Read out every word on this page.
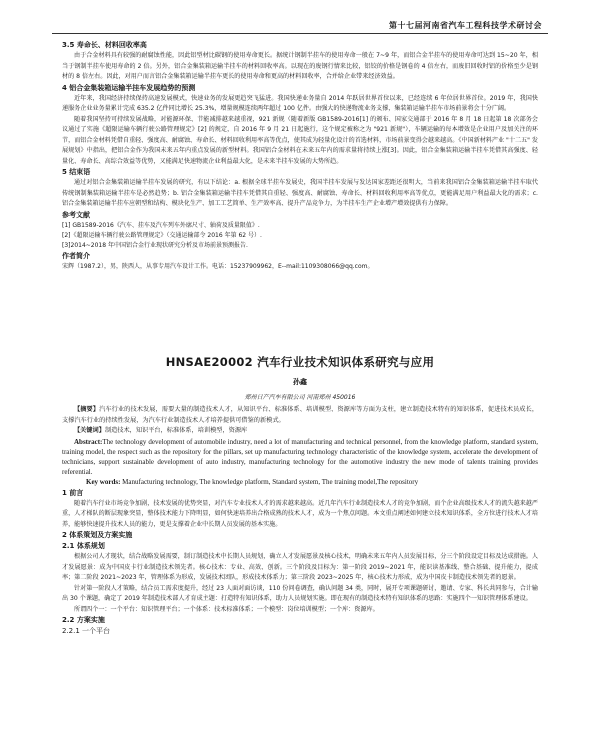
第十七届河南省汽车工程科技学术研讨会

3.5 寿命长、材料回收率高

由于合金材料具有较强的耐腐蚀性能，因此铝型材比碳钢的使用寿命更长。据统计钢制半挂车的使用寿命一般在 7~9 年，而铝合金半挂车的使用寿命可达到 15~20 年，相当于钢制半挂车使用寿命的 2 倍。另外，铝合金集装箱运输半挂车的材料回收率高。以现在的废钢行情来比较，铝铰的价格是钢卷的 4 倍左右，而废旧回收时铝的价格至少是钢材的 8 倍左右。因此，对用户而言铝合金集装箱运输半挂车更长的使用寿命和更高的材料回收率，合并给企业带来经济效益。

4 铝合金集装箱运输半挂车发展趋势的预测

近年来，我国经济持续保持高速发展模式，快速业务的发展更趋突飞猛进。我国快递业务量自 2014 年跃居世界首位以来，已经连续 6 年位居世界首位。2019 年，我国快递服务企业业务量累计完成 635.2 亿件同比增长 25.3%，增量规模连续两年超过 100 亿件。由强大的快递物流业务支撑，集装箱运输半挂车市场前景将会十分广阔。

随着我国坚持可持续发展战略，对能源环保、节能减排越来越重视，921 新规（随着新版 GB1589-2016[1] 的颁布、国家交通部于 2016 年 8 月 18 日起第 18 次部务会议通过了实施《超限运输车辆行驶公路管理规定》[2] 的规定，自 2016 年 9 月 21 日起施行，这个规定被称之为 "921 新规"），车辆运输的每本增效是企业用户及加关注的环节，而铝合金材料凭借自重轻、强度高、耐腐蚀、寿命长、材料回收利用率高等优点，使其成为轻量化设计的首选材料，市场前景变得会越来越高。《中国新材料产业 "十二五" 发展规划》中指出，把铝合金作为我国未来五年内重点发展的新型材料。我国铝合金材料在未来五年内的需求量将持续上涨[3]。因此，铝合金集装箱运输半挂车凭借其高强度、轻量化、寿命长、高综合效益等优势，又能满足快速物流企业利益最大化，是未来半挂车发展的大势所趋。

5 结束语

通过对铝合金集装箱运输半挂车发展的研究，有以下结论：a. 根据全球半挂车发展史，我国半挂车发展与发达国家差距还很明大，当前来我国铝合金集装箱运输半挂车取代传统钢制集装箱运输半挂车是必然趋势；b. 铝合金集装箱运输半挂车凭借其自重轻、强度高、耐腐蚀、寿命长、材料回收利用率高等优点，更能满足用户利益最大化的需求；c. 铝合金集装箱运输半挂车应朝型和结构、模块化生产、加工工艺简单、生产效率高、提升产品竞争力，为半挂车生产企业增产增效提供有力保障。

参考文献

[1] GB1589-2016《汽车、挂车及汽车列车外廓尺寸、轴荷及质量限值》.

[2]《超限运输车辆行驶公路管理规定》（交通运输部令 2016 年第 62 号）.

[3]2014~2018 年中国铝合金行业现状研究分析及市场前景预测报告.

作者简介

宋辉（1987.2），男，陕西人，从事专用汽车设计工作。电话：15237909962，E--mail:1109308066@qq.com。

HNSAE20002 汽车行业技术知识体系研究与应用
孙鑫
郑州日产汽车有限公司 河南郑州 450016

【摘要】汽车行业的技术发展，需要大量的制造技术人才，从知识平台、标准体系、培训模型、资源库等方面为支柱，建立制造技术特有的知识体系，促进技术员成长，支撑汽车行业的持续性发展，为汽车行业制造技术人才培养提供可借鉴的新模式。

【关键词】制造技术，知识平台，标准体系，培训模型，资源库

Abstract:The technology development of automobile industry, need a lot of manufacturing and technical personnel, from the knowledge platform, standard system, training model, the respect such as the repository for the pillars, set up manufacturing technology characteristic of the knowledge system, accelerate the development of technicians, support sustainable development of auto industry, manufacturing technology for the automotive industry the new mode of talents training provides referential.

Key words: Manufacturing technology, The knowledge platform, Standard system, The training model,The repository

1 前言

随着汽车行业市场竞争加剧，技术发展的优势突显，对汽车专业技术人才的需求越来越高。近几年汽车行业制造技术人才的竞争加剧，而个企业高级技术人才的流失越来越严重，人才梯队的断层现象突显，整体技术能力下降明显，如何快速培养出合格成熟的技术人才，成为一个焦点问题。本文重点阐述如何建立技术知识体系，全方位进行技术人才培养，能够快速提升技术人员的能力，更是支撑着企业中长期人员发展的基本实施。

2 体系策划及方案实施

2.1 体系规划

根据公司人才现状，结合战略发展需要，制订制造技术中长期人员规划，确立人才发展愿景及核心技术，明确未来五年内人员发展目标，分三个阶段设定目标及达成措施。人才发展愿景：成为中国皮卡行业制造技术领先者。核心技术：专业、高效、创新。三个阶段及目标为：第一阶段 2019~2021 年，能识读基准线、整合基础、提升能力，提成率；第二阶段 2021~2023 年，管理体系为形成，发展技术团队，形成技术体系力；第三阶段 2023~2025 年，核心技术力形成，成为中国皮卡制造技术领先者的愿景。

针对第一阶段人才策略，结合员工需求度提升，经过 23 人面对面访谈，110 份问卷调查，确认问题 34 类，同时，展开专项课题研讨，邀请、专家、科长共同参与，合计输出 30 个课题，确定了 2019 年制造技术部人才育成主题：打造特有知识体系，助力人员规划实施。即在现有的制造技术特有知识体系的思路：实施四个一知识管理体系建设。

所谓四个一：一个平台：知识管理平台；一个体系：技术标准体系；一个模型：岗位培训模型；一个库：资源库。

2.2 方案实施

2.2.1 一个平台
